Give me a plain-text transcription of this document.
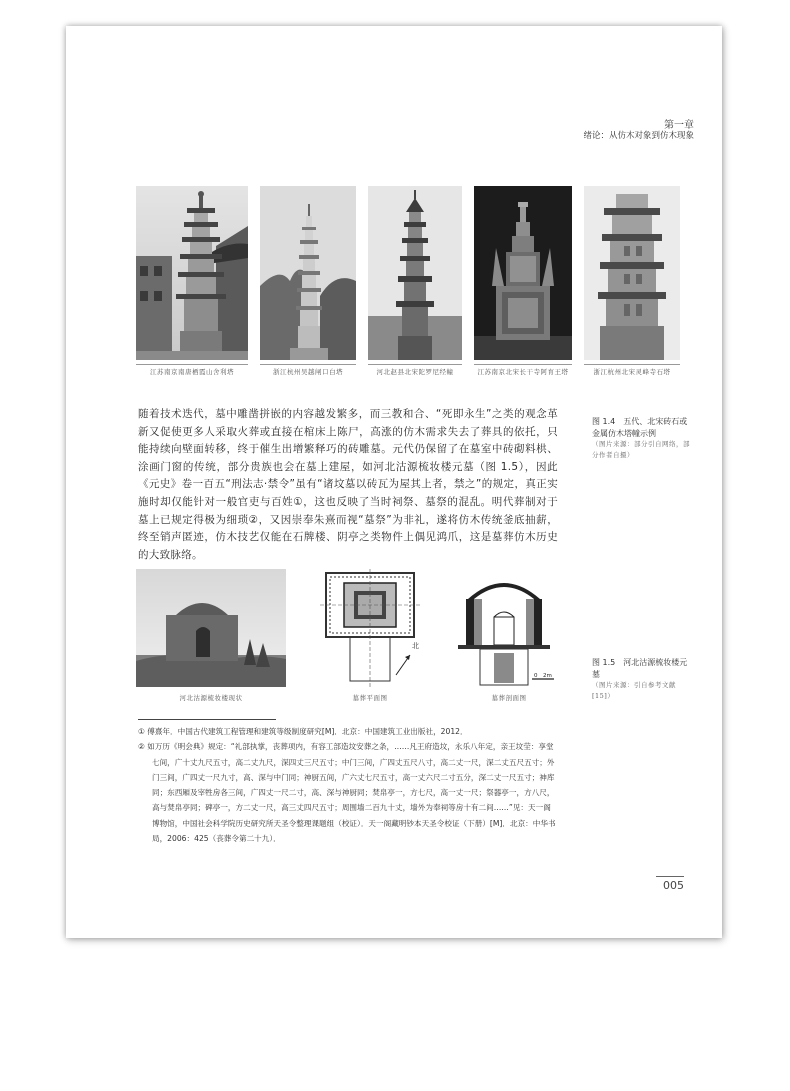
第一章
绪论：从仿木对象到仿木现象
江苏南京南唐栖霞山舍利塔	浙江杭州吴越闸口白塔	河北赵县北宋陀罗尼经幢	江苏南京北宋长干寺阿育王塔	浙江杭州北宋灵峰寺石塔
图 1.4　五代、北宋砖石或金属仿木塔幢示例
（图片来源：部分引自网络，部分作者自摄）

随着技术迭代，墓中雕凿拼嵌的内容越发繁多，而三教和合、“死即永生”之类的观念革新又促使更多人采取火葬或直接在棺床上陈尸，高涨的仿木需求失去了葬具的依托，只能持续向壁面转移，终于催生出增繁释巧的砖雕墓。元代仍保留了在墓室中砖砌料栱、涂画门窗的传统，部分贵族也会在墓上建屋，如河北沽源梳妆楼元墓（图 1.5），因此《元史》卷一百五“刑法志·禁令”虽有“诸坟墓以砖瓦为屋其上者，禁之”的规定，真正实施时却仅能针对一般官吏与百姓①，这也反映了当时祠祭、墓祭的混乱。明代葬制对于墓上已规定得极为细琐②，又因崇奉朱熹而视“墓祭”为非礼，遂将仿木传统釜底抽薪，终至销声匿迹，仿木技艺仅能在石牌楼、阴亭之类物件上偶见鸿爪，这是墓葬仿木历史的大致脉络。

河北沽源梳妆楼现状
北
墓葬平面图
0　2m
墓葬剖面图
图 1.5　河北沽源梳妆楼元墓
（图片来源：引自参考文献[15]）
① 傅熹年．中国古代建筑工程管理和建筑等级制度研究[M]．北京：中国建筑工业出版社，2012．
② 如万历《明会典》规定：“礼部执掌，丧葬项内，有容工部造坟安葬之条，……凡王府造坟，永乐八年定，亲王坟茔：享堂七间，广十丈九尺五寸，高二丈九尺，深四丈三尺五寸；中门三间，广四丈五尺八寸，高二丈一尺，深二丈五尺五寸；外门三间，广四丈一尺九寸，高、深与中门同；神厨五间，广六丈七尺五寸，高一丈六尺二寸五分，深二丈一尺五寸；神库同；东西厢及宰牲房各三间，广四丈一尺二寸，高、深与神厨同；焚帛亭一，方七尺，高一丈一尺；祭器亭一，方八尺，高与焚帛亭同；碑亭一，方二丈一尺，高三丈四尺五寸；周围墙二百九十丈，墙外为奉祠等房十有二间……”见：天一阁博物馆，中国社会科学院历史研究所天圣令整理课题组（校证）．天一阁藏明钞本天圣令校证（下册）[M]．北京：中华书局，2006：425（丧葬令第二十九）．
005
